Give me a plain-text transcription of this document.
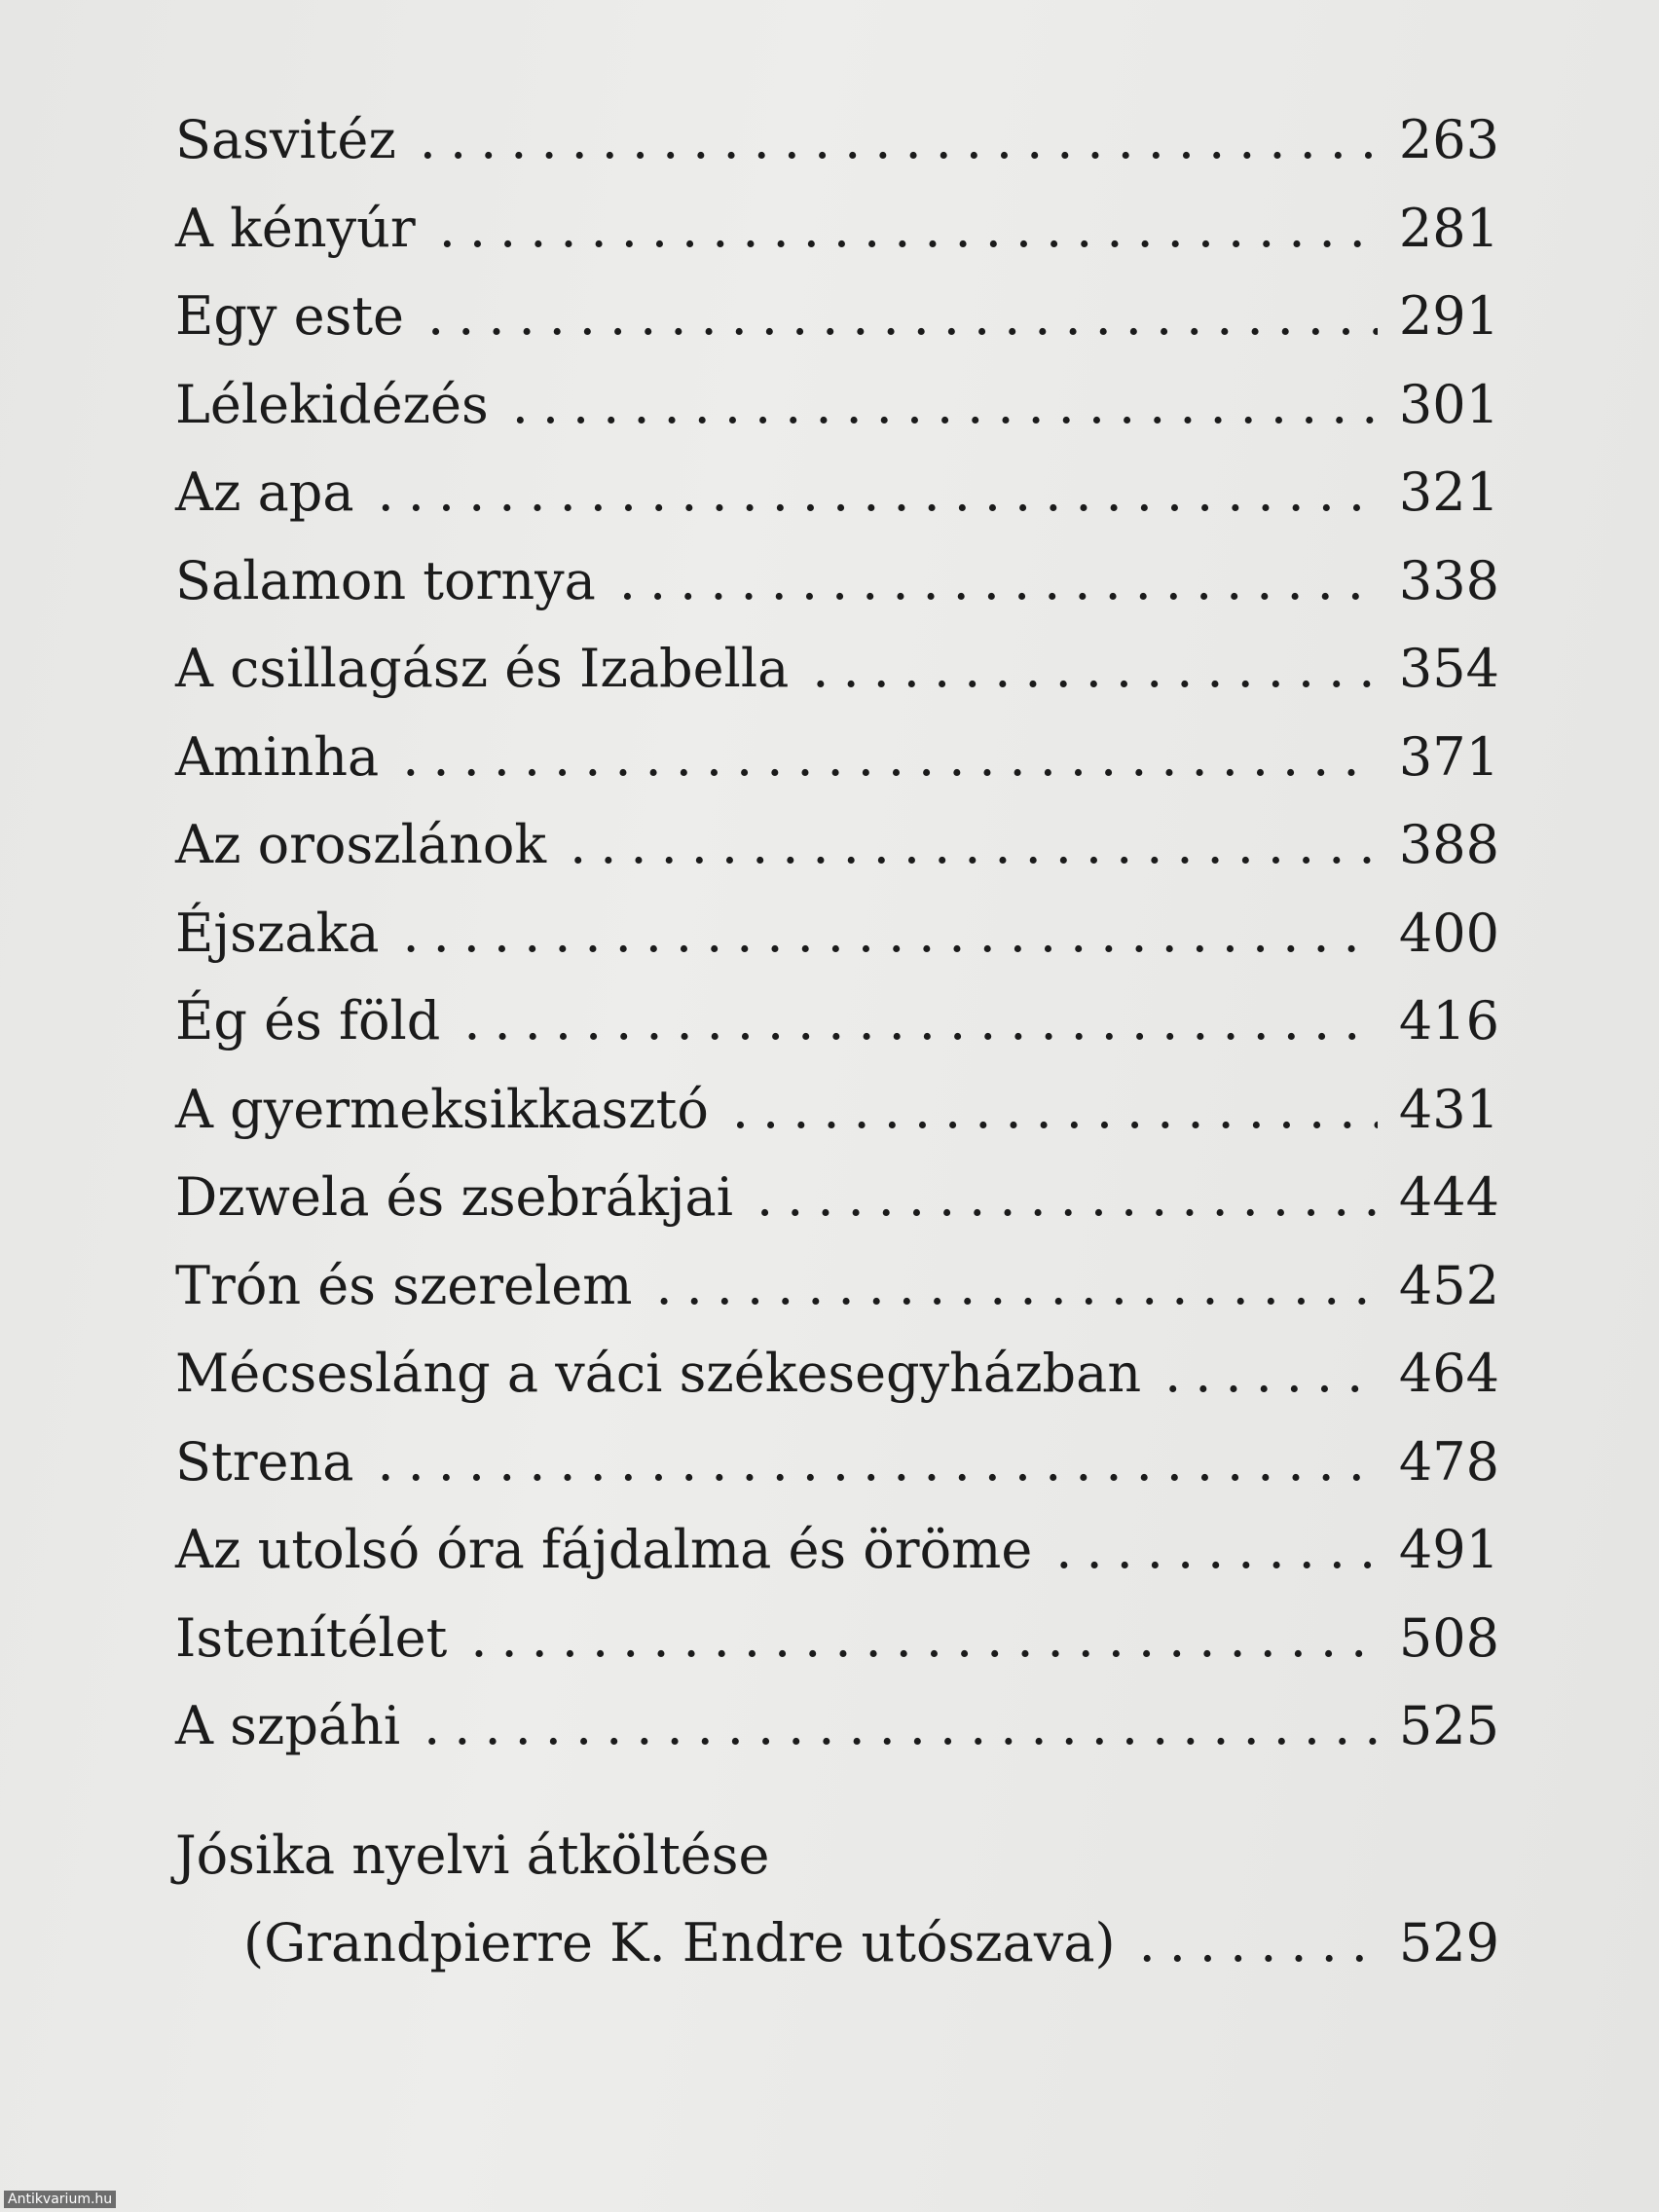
Sasvitéz .....	263
A kényúr .....	281
Egy este .....	291
Lélekidézés .....	301
Az apa .....	321
Salamon tornya .....	338
A csillagász és Izabella .....	354
Aminha .....	371
Az oroszlánok .....	388
Éjszaka .....	400
Ég és föld .....	416
A gyermeksikkasztó .....	431
Dzwela és zsebrákjai .....	444
Trón és szerelem .....	452
Mécsesláng a váci székesegyházban .....	464
Strena .....	478
Az utolsó óra fájdalma és öröme .....	491
Istenítélet .....	508
A szpáhi .....	525
Jósika nyelvi átköltése
(Grandpierre K. Endre utószava) .....	529
Antikvarium.hu
